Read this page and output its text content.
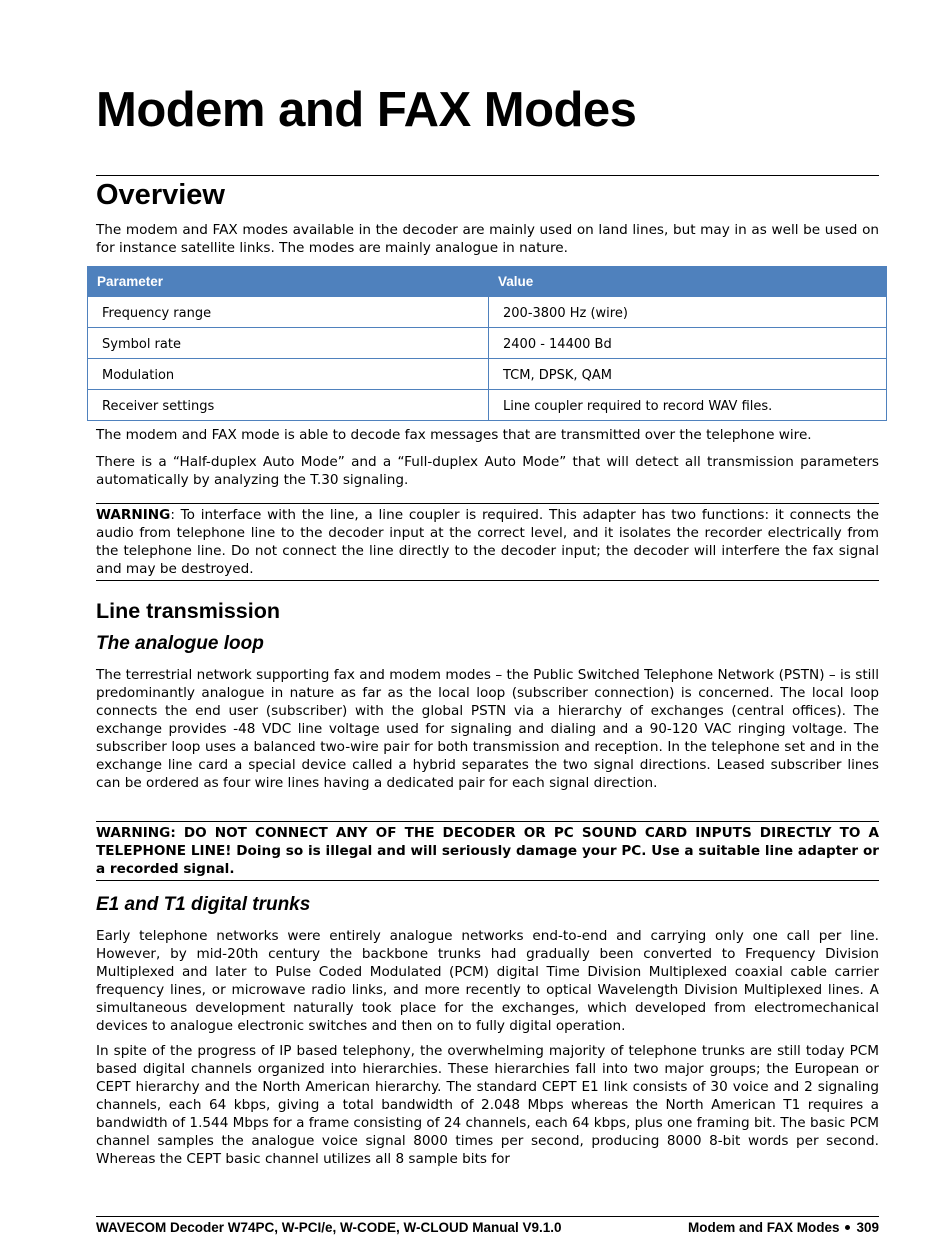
Modem and FAX Modes
Overview

The modem and FAX modes available in the decoder are mainly used on land lines, but may in as well be used on for instance satellite links. The modes are mainly analogue in nature.

Parameter	Value
Frequency range	200-3800 Hz (wire)
Symbol rate	2400 - 14400 Bd
Modulation	TCM, DPSK, QAM
Receiver settings	Line coupler required to record WAV files.

The modem and FAX mode is able to decode fax messages that are transmitted over the telephone wire.

There is a “Half-duplex Auto Mode” and a “Full-duplex Auto Mode” that will detect all transmission parameters automatically by analyzing the T.30 signaling.

WARNING: To interface with the line, a line coupler is required. This adapter has two functions: it connects the audio from telephone line to the decoder input at the correct level, and it isolates the recorder electrically from the telephone line. Do not connect the line directly to the decoder input; the decoder will interfere the fax signal and may be destroyed.

Line transmission
The analogue loop

The terrestrial network supporting fax and modem modes – the Public Switched Telephone Network (PSTN) – is still predominantly analogue in nature as far as the local loop (subscriber connection) is concerned. The local loop connects the end user (subscriber) with the global PSTN via a hierarchy of exchanges (central offices). The exchange provides -48 VDC line voltage used for signaling and dialing and a 90-120 VAC ringing voltage. The subscriber loop uses a balanced two-wire pair for both transmission and reception. In the telephone set and in the exchange line card a special device called a hybrid separates the two signal directions. Leased subscriber lines can be ordered as four wire lines having a dedicated pair for each signal direction.

WARNING: DO NOT CONNECT ANY OF THE DECODER OR PC SOUND CARD INPUTS DIRECTLY TO A TELEPHONE LINE! Doing so is illegal and will seriously damage your PC. Use a suitable line adapter or a recorded signal.

E1 and T1 digital trunks

Early telephone networks were entirely analogue networks end-to-end and carrying only one call per line. However, by mid-20th century the backbone trunks had gradually been converted to Frequency Division Multiplexed and later to Pulse Coded Modulated (PCM) digital Time Division Multiplexed coaxial cable carrier frequency lines, or microwave radio links, and more recently to optical Wavelength Division Multiplexed lines. A simultaneous development naturally took place for the exchanges, which developed from electromechanical devices to analogue electronic switches and then on to fully digital operation.

In spite of the progress of IP based telephony, the overwhelming majority of telephone trunks are still today PCM based digital channels organized into hierarchies. These hierarchies fall into two major groups; the European or CEPT hierarchy and the North American hierarchy. The standard CEPT E1 link consists of 30 voice and 2 signaling channels, each 64 kbps, giving a total bandwidth of 2.048 Mbps whereas the North American T1 requires a bandwidth of 1.544 Mbps for a frame consisting of 24 channels, each 64 kbps, plus one framing bit. The basic PCM channel samples the analogue voice signal 8000 times per second, producing 8000 8-bit words per second. Whereas the CEPT basic channel utilizes all 8 sample bits for

WAVECOM Decoder W74PC, W-PCI/e, W-CODE, W-CLOUD Manual V9.1.0	Modem and FAX Modes 309
